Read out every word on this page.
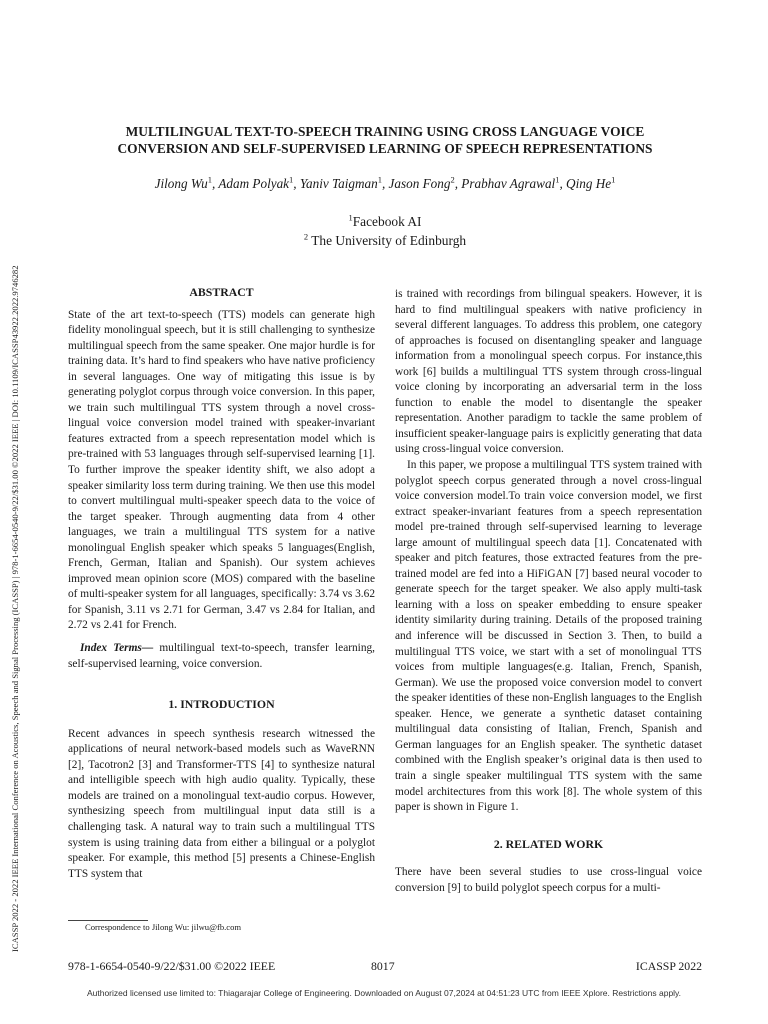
ICASSP 2022 - 2022 IEEE International Conference on Acoustics, Speech and Signal Processing (ICASSP) | 978-1-6654-0540-9/22/$31.00 ©2022 IEEE | DOI: 10.1109/ICASSP43922.2022.9746282
MULTILINGUAL TEXT-TO-SPEECH TRAINING USING CROSS LANGUAGE VOICE
CONVERSION AND SELF-SUPERVISED LEARNING OF SPEECH REPRESENTATIONS
Jilong Wu$^1$, Adam Polyak$^1$, Yaniv Taigman$^1$, Jason Fong$^2$, Prabhav Agrawal$^1$, Qing He$^1$
$^1$Facebook AI
$^2$ The University of Edinburgh

ABSTRACT

State of the art text-to-speech (TTS) models can generate high fidelity monolingual speech, but it is still challenging to synthesize multilingual speech from the same speaker. One major hurdle is for training data. It’s hard to find speakers who have native proficiency in several languages. One way of mitigating this issue is by generating polyglot corpus through voice conversion. In this paper, we train such multilingual TTS system through a novel cross-lingual voice conversion model trained with speaker-invariant features extracted from a speech representation model which is pre-trained with 53 languages through self-supervised learning [1]. To further improve the speaker identity shift, we also adopt a speaker similarity loss term during training. We then use this model to convert multilingual multi-speaker speech data to the voice of the target speaker. Through augmenting data from 4 other languages, we train a multilingual TTS system for a native monolingual English speaker which speaks 5 languages(English, French, German, Italian and Spanish). Our system achieves improved mean opinion score (MOS) compared with the baseline of multi-speaker system for all languages, specifically: 3.74 vs 3.62 for Spanish, 3.11 vs 2.71 for German, 3.47 vs 2.84 for Italian, and 2.72 vs 2.41 for French.

Index Terms— multilingual text-to-speech, transfer learning, self-supervised learning, voice conversion.

1. INTRODUCTION

Recent advances in speech synthesis research witnessed the applications of neural network-based models such as WaveRNN [2], Tacotron2 [3] and Transformer-TTS [4] to synthesize natural and intelligible speech with high audio quality. Typically, these models are trained on a monolingual text-audio corpus. However, synthesizing speech from multilingual input data still is a challenging task. A natural way to train such a multilingual TTS system is using training data from either a bilingual or a polyglot speaker. For example, this method [5] presents a Chinese-English TTS system that

is trained with recordings from bilingual speakers. However, it is hard to find multilingual speakers with native proficiency in several different languages. To address this problem, one category of approaches is focused on disentangling speaker and language information from a monolingual speech corpus. For instance,this work [6] builds a multilingual TTS system through cross-lingual voice cloning by incorporating an adversarial term in the loss function to enable the model to disentangle the speaker representation. Another paradigm to tackle the same problem of insufficient speaker-language pairs is explicitly generating that data using cross-lingual voice conversion.

In this paper, we propose a multilingual TTS system trained with polyglot speech corpus generated through a novel cross-lingual voice conversion model.To train voice conversion model, we first extract speaker-invariant features from a speech representation model pre-trained through self-supervised learning to leverage large amount of multilingual speech data [1]. Concatenated with speaker and pitch features, those extracted features from the pre-trained model are fed into a HiFiGAN [7] based neural vocoder to generate speech for the target speaker. We also apply multi-task learning with a loss on speaker embedding to ensure speaker identity similarity during training. Details of the proposed training and inference will be discussed in Section 3. Then, to build a multilingual TTS voice, we start with a set of monolingual TTS voices from multiple languages(e.g. Italian, French, Spanish, German). We use the proposed voice conversion model to convert the speaker identities of these non-English languages to the English speaker. Hence, we generate a synthetic dataset containing multilingual data consisting of Italian, French, Spanish and German languages for an English speaker. The synthetic dataset combined with the English speaker’s original data is then used to train a single speaker multilingual TTS system with the same model architectures from this work [8]. The whole system of this paper is shown in Figure 1.

2. RELATED WORK

There have been several studies to use cross-lingual voice conversion [9] to build polyglot speech corpus for a multi-

Correspondence to Jilong Wu: jilwu@fb.com
978-1-6654-0540-9/22/$31.00 ©2022 IEEE	8017	ICASSP 2022
Authorized licensed use limited to: Thiagarajar College of Engineering. Downloaded on August 07,2024 at 04:51:23 UTC from IEEE Xplore. Restrictions apply.
